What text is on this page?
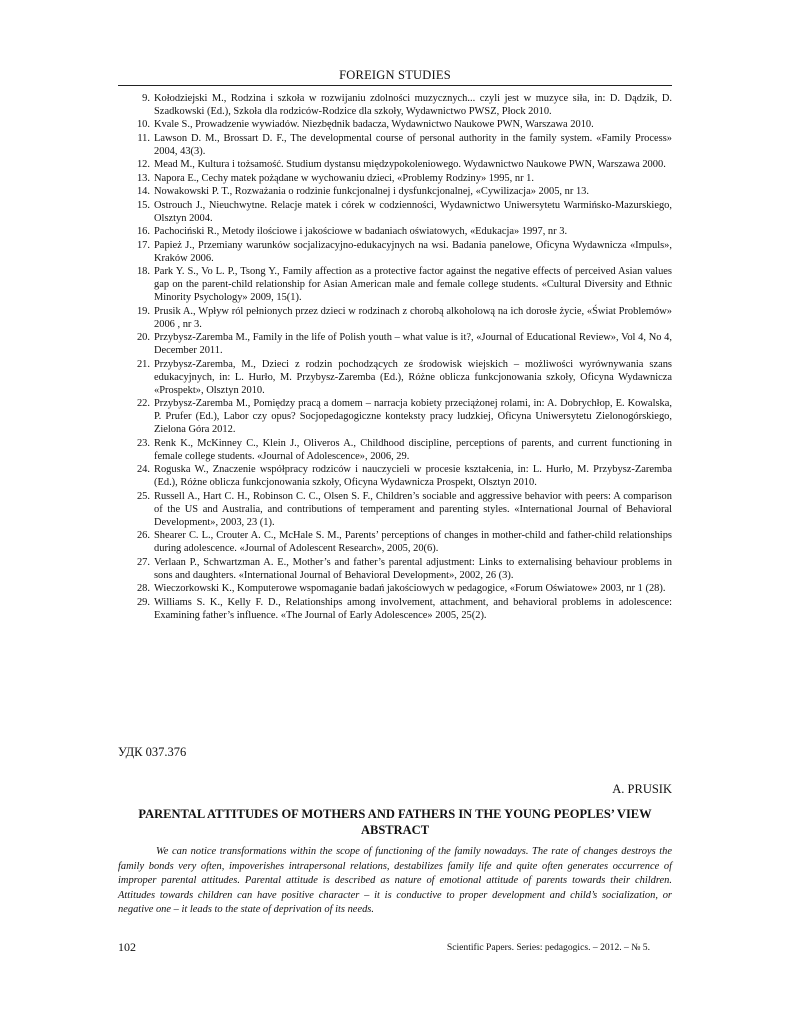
FOREIGN STUDIES
9. Kołodziejski M., Rodzina i szkoła w rozwijaniu zdolności muzycznych... czyli jest w muzyce siła, in: D. Dądzik, D. Szadkowski (Ed.), Szkoła dla rodziców-Rodzice dla szkoły, Wydawnictwo PWSZ, Płock 2010.
10. Kvale S., Prowadzenie wywiadów. Niezbędnik badacza, Wydawnictwo Naukowe PWN, Warszawa 2010.
11. Lawson D. M., Brossart D. F., The developmental course of personal authority in the family system. «Family Process» 2004, 43(3).
12. Mead M., Kultura i tożsamość. Studium dystansu międzypokoleniowego. Wydawnictwo Naukowe PWN, Warszawa 2000.
13. Napora E., Cechy matek pożądane w wychowaniu dzieci, «Problemy Rodziny» 1995, nr 1.
14. Nowakowski P. T., Rozważania o rodzinie funkcjonalnej i dysfunkcjonalnej, «Cywilizacja» 2005, nr 13.
15. Ostrouch J., Nieuchwytne. Relacje matek i córek w codzienności, Wydawnictwo Uniwersytetu Warmińsko-Mazurskiego, Olsztyn 2004.
16. Pachociński R., Metody ilościowe i jakościowe w badaniach oświatowych, «Edukacja» 1997, nr 3.
17. Papież J., Przemiany warunków socjalizacyjno-edukacyjnych na wsi. Badania panelowe, Oficyna Wydawnicza «Impuls», Kraków 2006.
18. Park Y. S., Vo L. P., Tsong Y., Family affection as a protective factor against the negative effects of perceived Asian values gap on the parent-child relationship for Asian American male and female college students. «Cultural Diversity and Ethnic Minority Psychology» 2009, 15(1).
19. Prusik A., Wpływ ról pełnionych przez dzieci w rodzinach z chorobą alkoholową na ich dorosłe życie, «Świat Problemów» 2006 , nr 3.
20. Przybysz-Zaremba M., Family in the life of Polish youth – what value is it?, «Journal of Educational Review», Vol 4, No 4, December 2011.
21. Przybysz-Zaremba, M., Dzieci z rodzin pochodzących ze środowisk wiejskich – możliwości wyrównywania szans edukacyjnych, in: L. Hurło, M. Przybysz-Zaremba (Ed.), Różne oblicza funkcjonowania szkoły, Oficyna Wydawnicza «Prospekt», Olsztyn 2010.
22. Przybysz-Zaremba M., Pomiędzy pracą a domem – narracja kobiety przeciążonej rolami, in: A. Dobrychłop, E. Kowalska, P. Prufer (Ed.), Labor czy opus? Socjopedagogiczne konteksty pracy ludzkiej, Oficyna Uniwersytetu Zielonogórskiego, Zielona Góra 2012.
23. Renk K., McKinney C., Klein J., Oliveros A., Childhood discipline, perceptions of parents, and current functioning in female college students. «Journal of Adolescence», 2006, 29.
24. Roguska W., Znaczenie współpracy rodziców i nauczycieli w procesie kształcenia, in: L. Hurło, M. Przybysz-Zaremba (Ed.), Różne oblicza funkcjonowania szkoły, Oficyna Wydawnicza Prospekt, Olsztyn 2010.
25. Russell A., Hart C. H., Robinson C. C., Olsen S. F., Children’s sociable and aggressive behavior with peers: A comparison of the US and Australia, and contributions of temperament and parenting styles. «International Journal of Behavioral Development», 2003, 23 (1).
26. Shearer C. L., Crouter A. C., McHale S. M., Parents’ perceptions of changes in mother-child and father-child relationships during adolescence. «Journal of Adolescent Research», 2005, 20(6).
27. Verlaan P., Schwartzman A. E., Mother’s and father’s parental adjustment: Links to externalising behaviour problems in sons and daughters. «International Journal of Behavioral Development», 2002, 26 (3).
28. Wieczorkowski K., Komputerowe wspomaganie badań jakościowych w pedagogice, «Forum Oświatowe» 2003, nr 1 (28).
29. Williams S. K., Kelly F. D., Relationships among involvement, attachment, and behavioral problems in adolescence: Examining father’s influence. «The Journal of Early Adolescence» 2005, 25(2).
УДК 037.376
A. PRUSIK
PARENTAL ATTITUDES OF MOTHERS AND FATHERS IN THE YOUNG PEOPLES’ VIEW ABSTRACT

We can notice transformations within the scope of functioning of the family nowadays. The rate of changes destroys the family bonds very often, impoverishes intrapersonal relations, destabilizes family life and quite often generates occurrence of improper parental attitudes. Parental attitude is described as nature of emotional attitude of parents towards their children. Attitudes towards children can have positive character – it is conductive to proper development and child’s socialization, or negative one – it leads to the state of deprivation of its needs.

102	Scientific Papers. Series: pedagogics. – 2012. – № 5.
